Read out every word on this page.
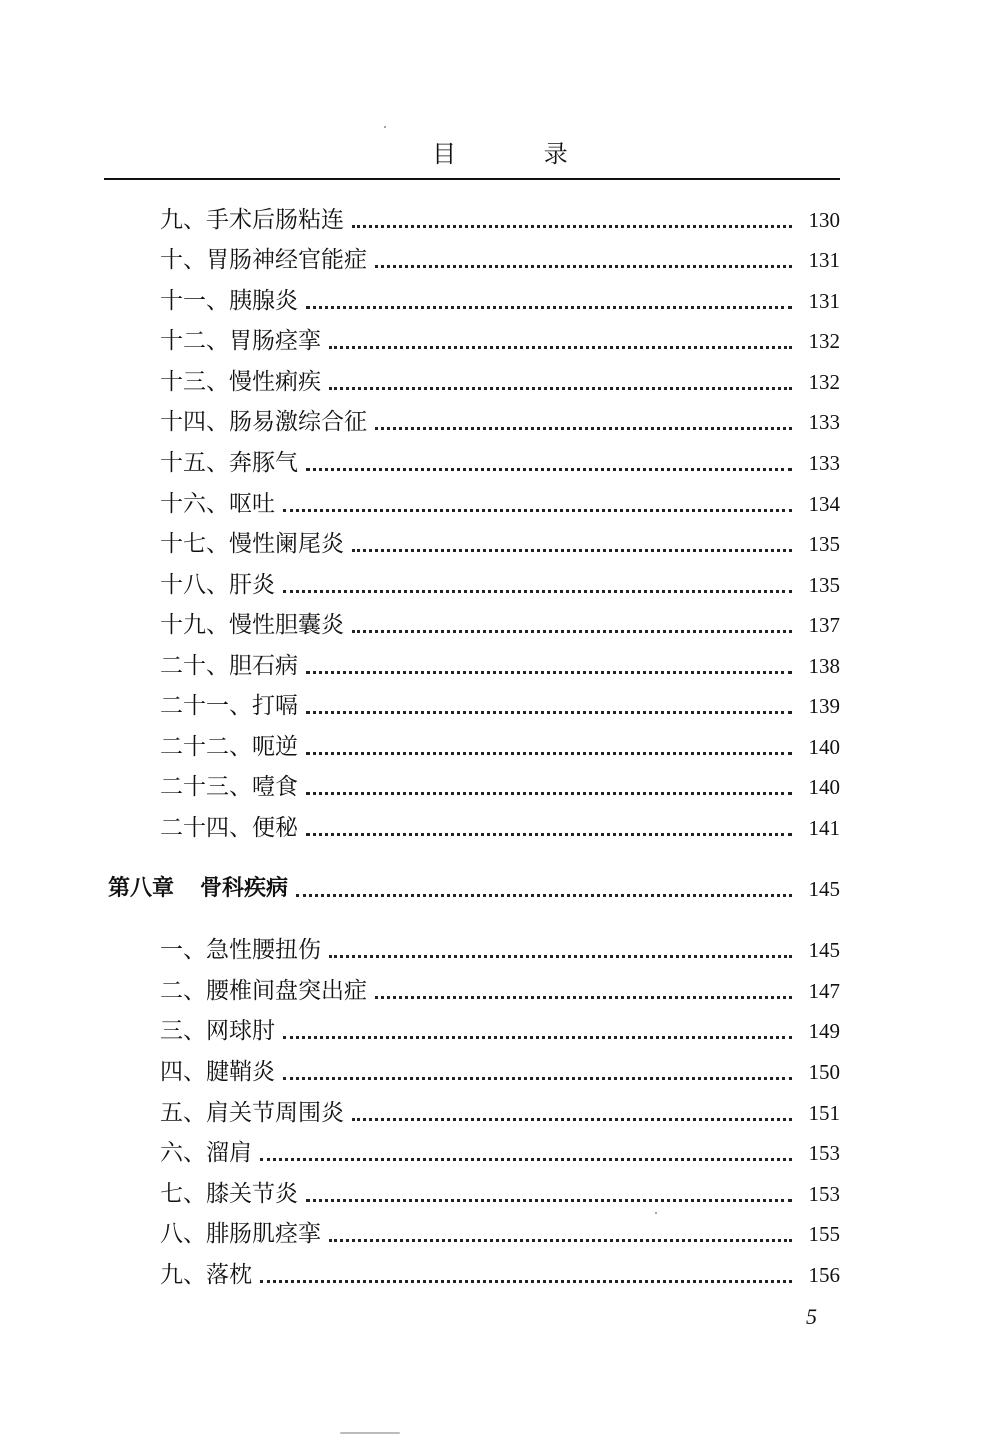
目 录
九、手术后肠粘连	130
十、胃肠神经官能症	131
十一、胰腺炎	131
十二、胃肠痉挛	132
十三、慢性痢疾	132
十四、肠易激综合征	133
十五、奔豚气	133
十六、呕吐	134
十七、慢性阑尾炎	135
十八、肝炎	135
十九、慢性胆囊炎	137
二十、胆石病	138
二十一、打嗝	139
二十二、呃逆	140
二十三、噎食	140
二十四、便秘	141
第八章 骨科疾病	145
一、急性腰扭伤	145
二、腰椎间盘突出症	147
三、网球肘	149
四、腱鞘炎	150
五、肩关节周围炎	151
六、溜肩	153
七、膝关节炎	153
八、腓肠肌痉挛	155
九、落枕	156
5
